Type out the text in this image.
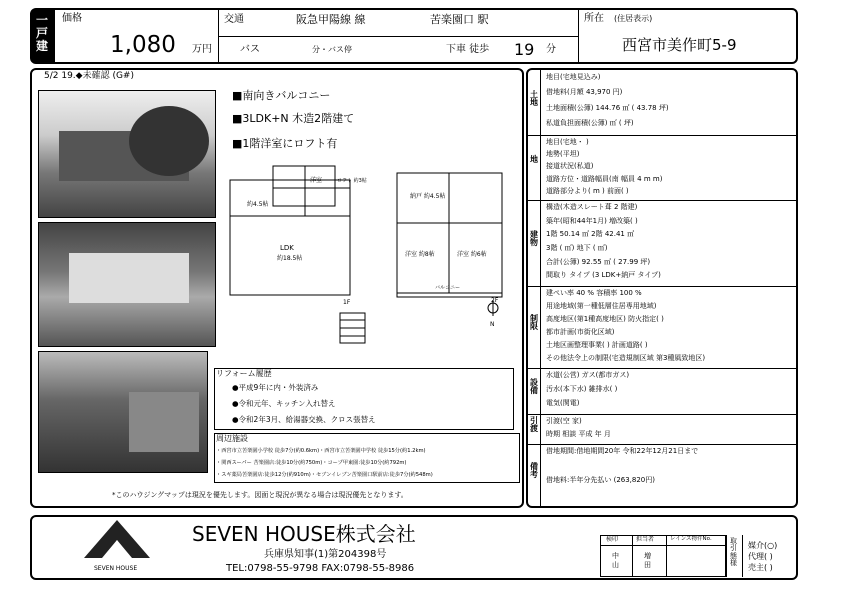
一戸建
価格
1,080 万円
交通	阪急甲陽線 線	苦楽園口 駅
バス	分・バス停	下車 徒歩 19 分
所在 (住居表示)
西宮市美作町5-9
5/2 19.◆未確認 (G#)
■南向きバルコニー
■3LDK+N 木造2階建て
■1階洋室にロフト有
約4.5帖
洋室	ロフト 約3帖
LDK
約18.5帖
納戸 約4.5帖
洋室 約8帖	洋室 約6帖
1F	2F
バルコニー
N
リフォーム履歴
●平成9年に内・外装済み
●令和元年、キッチン入れ替え
●令和2年3月、給湯器交換、クロス張替え
周辺施設
・西宮市立苦楽園小学校 徒歩7分(約0.6km)・西宮市立苦楽園中学校 徒歩15分(約1.2km)
・関西スーパー 苦楽園店:徒歩10分(約750m)・コープ甲東園:徒歩10分(約792m)
・スギ薬局苦楽園店:徒歩12分(約910m)・セブンイレブン苦楽園口駅前店:徒歩7分(約548m)
*このハウジングマップは現況を優先します。図面と現況が異なる場合は現況優先となります。
土地
地目(宅地見込み)
借地料(月額 43,970 円)
土地面積(公簿) 144.76 ㎡ ( 43.78 坪)
私道負担面積(公簿) ㎡ ( 坪)
地
地目(宅地・ )
地勢(平坦)
接道状況(私道)
道路方位・道路幅員(南 幅員 4 m m)
道路部分より( m ) 前面( )
建物
構造(木造スレート葺 2 階建)
築年(昭和44年1月) 増改築( )
1階 50.14 ㎡ 2階 42.41 ㎡
3階 ( ㎡) 地下 ( ㎡)
合計(公簿) 92.55 ㎡ ( 27.99 坪)
間取り タイプ (3 LDK+納戸 タイプ)
制限
建ぺい率 40 % 容積率 100 %
用途地域(第一種低層住居専用地域)
高度地区(第1種高度地区) 防火指定( )
都市計画(市街化区域)
土地区画整理事業( ) 計画道路( )
その他法令上の制限(宅造規制区域 第3種風致地区)
設備
水道(公営) ガス(都市ガス)
汚水(本下水) 雑排水( )
電気(関電)
引渡
引渡(空 家)
時期 相談 平成 年 月
備考
借地期間:借地期間20年 令和22年12月21日まで
借地料:半年分先払い (263,820円)
SEVEN HOUSE
SEVEN HOUSE株式会社
兵庫県知事(1)第204398号
TEL:0798-55-9798 FAX:0798-55-8986
検印	担当者	レインズ物件No.
中山
増田
取引態様
媒介(○)
代理( )
売主( )
